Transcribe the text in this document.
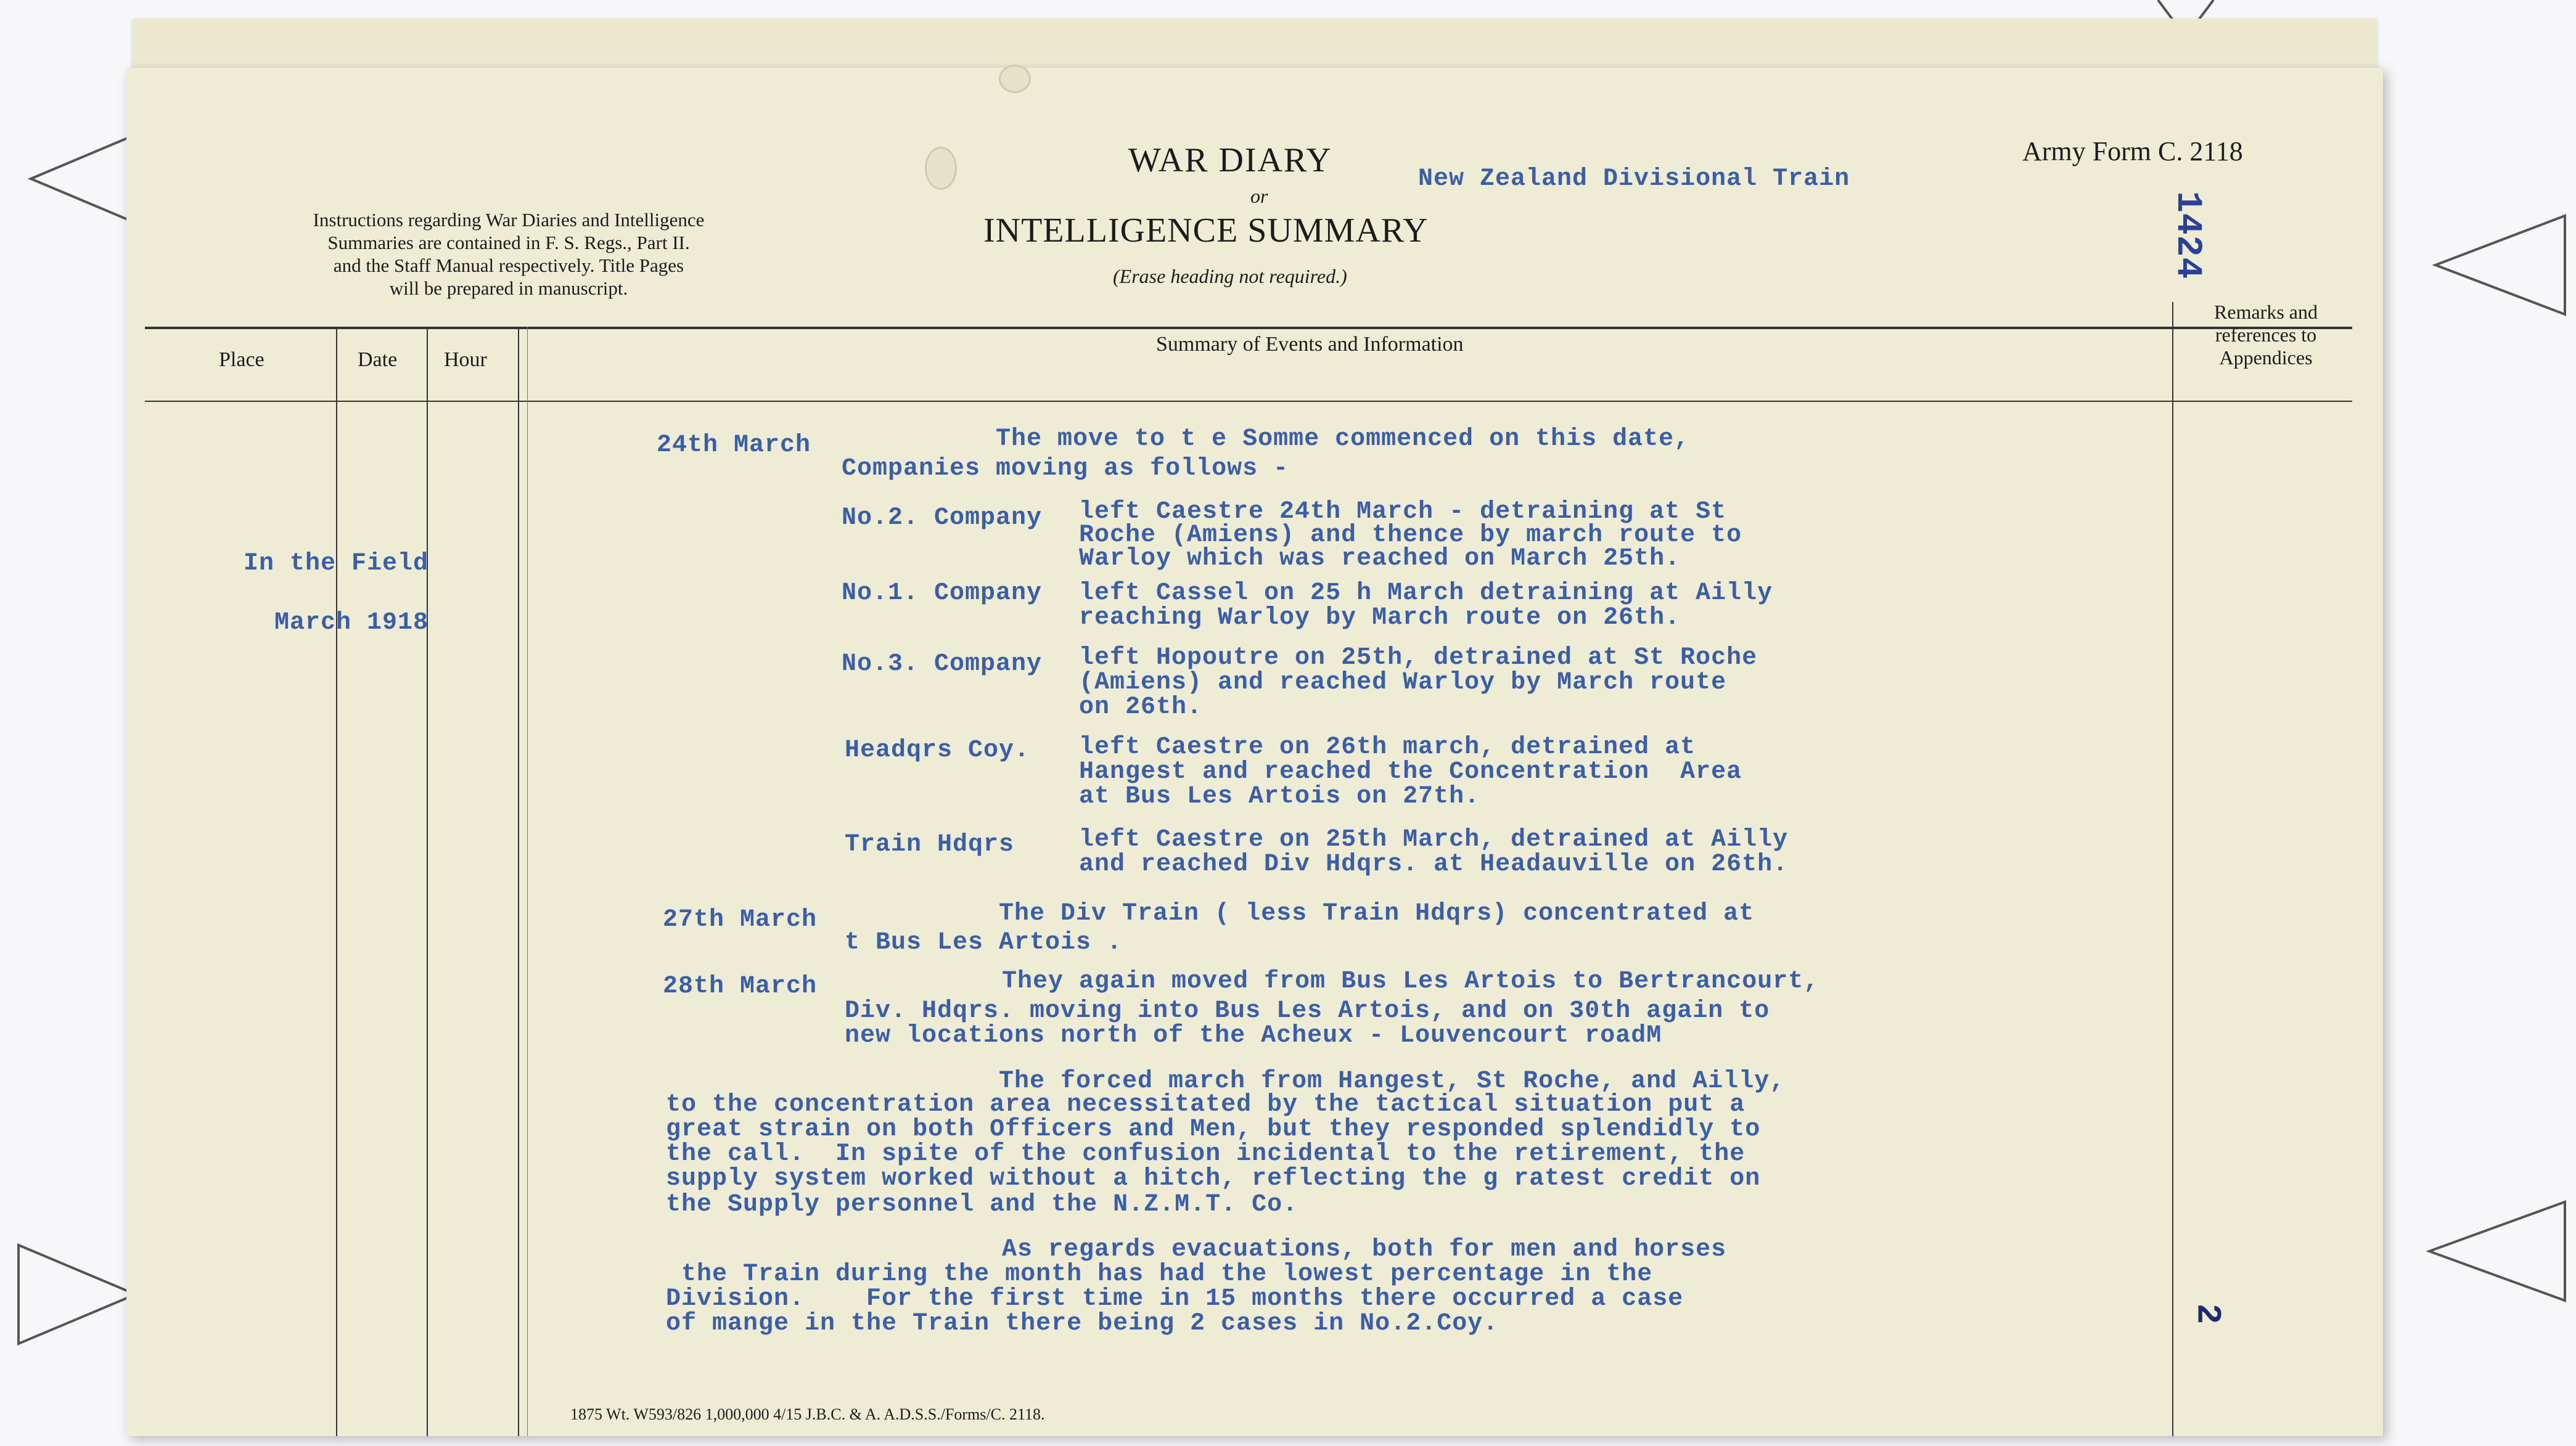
Instructions regarding War Diaries and Intelligence
Summaries are contained in F. S. Regs., Part II.
and the Staff Manual respectively. Title Pages
will be prepared in manuscript.
WAR DIARY
or
INTELLIGENCE SUMMARY
(Erase heading not required.)
New Zealand Divisional Train
Army Form C. 2118
1424
Place	Date Hour
Summary of Events and Information
Remarks and
references to
Appendices
In the Field
March 1918
24th March	The move to t e Somme commenced on this date,
Companies moving as follows -
No.2. Company left Caestre 24th March - detraining at St
Roche (Amiens) and thence by march route to
Warloy which was reached on March 25th.
No.1. Company left Cassel on 25 h March detraining at Ailly
reaching Warloy by March route on 26th.
No.3. Company left Hopoutre on 25th, detrained at St Roche
(Amiens) and reached Warloy by March route
on 26th.
Headqrs Coy. left Caestre on 26th march, detrained at
Hangest and reached the Concentration  Area
at Bus Les Artois on 27th.
Train Hdqrs	left Caestre on 25th March, detrained at Ailly
and reached Div Hdqrs. at Headauville on 26th.
27th March	The Div Train ( less Train Hdqrs) concentrated at
t Bus Les Artois .
28th March	They again moved from Bus Les Artois to Bertrancourt,
Div. Hdqrs. moving into Bus Les Artois, and on 30th again to
new locations north of the Acheux - Louvencourt roadM
The forced march from Hangest, St Roche, and Ailly,
to the concentration area necessitated by the tactical situation put a
great strain on both Officers and Men, but they responded splendidly to
the call.  In spite of the confusion incidental to the retirement, the
supply system worked without a hitch, reflecting the g ratest credit on
the Supply personnel and the N.Z.M.T. Co.
As regards evacuations, both for men and horses
the Train during the month has had the lowest percentage in the
Division.    For the first time in 15 months there occurred a case
of mange in the Train there being 2 cases in No.2.Coy.	2
1875 Wt. W593/826 1,000,000 4/15 J.B.C. & A. A.D.S.S./Forms/C. 2118.
